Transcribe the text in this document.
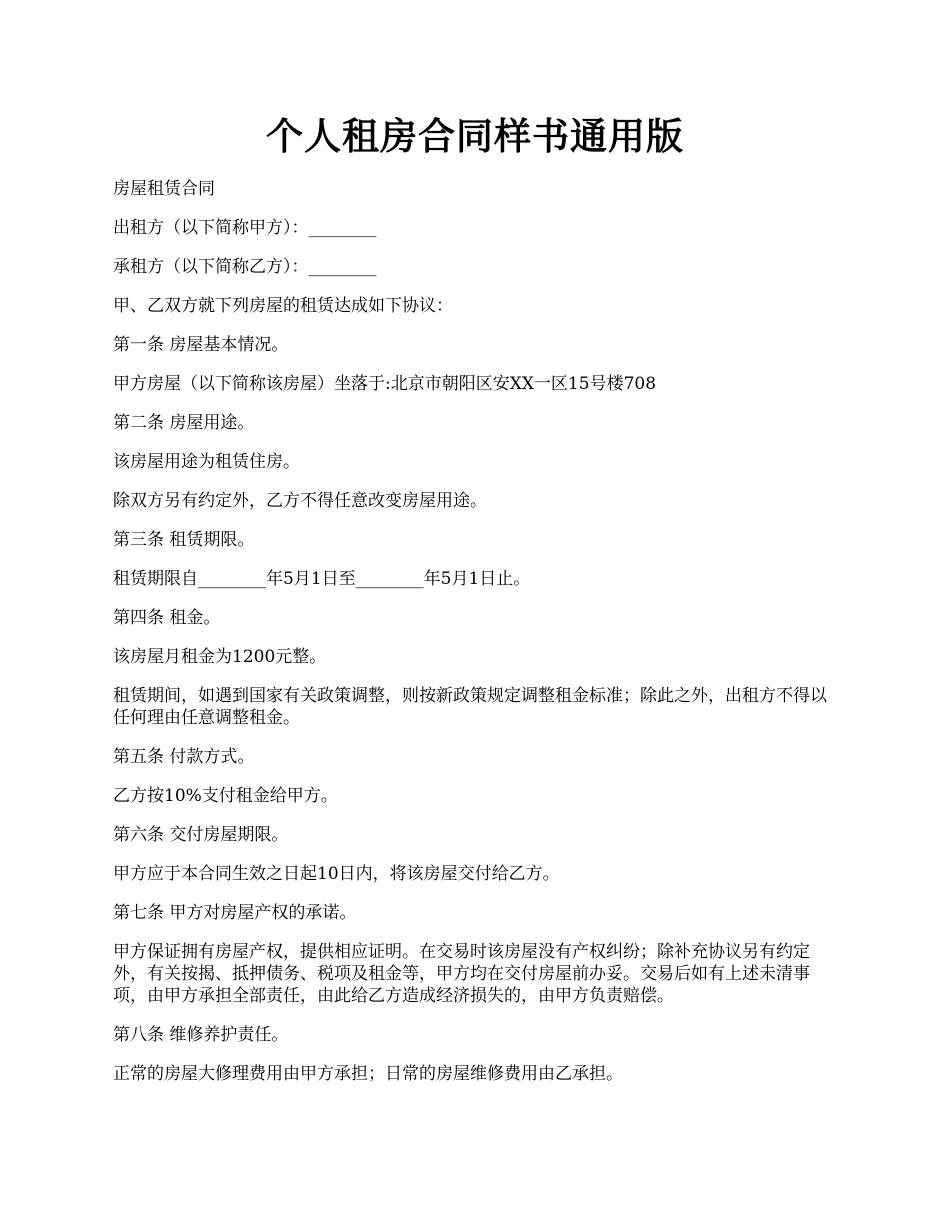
个人租房合同样书通用版

房屋租赁合同

出租方（以下简称甲方）：________

承租方（以下简称乙方）：________

甲、乙双方就下列房屋的租赁达成如下协议：

第一条 房屋基本情况。

甲方房屋（以下简称该房屋）坐落于:北京市朝阳区安XX一区15号楼708

第二条 房屋用途。

该房屋用途为租赁住房。

除双方另有约定外，乙方不得任意改变房屋用途。

第三条 租赁期限。

租赁期限自________年5月1日至________年5月1日止。

第四条 租金。

该房屋月租金为1200元整。

租赁期间，如遇到国家有关政策调整，则按新政策规定调整租金标准；除此之外，出租方不得以任何理由任意调整租金。

第五条 付款方式。

乙方按10%支付租金给甲方。

第六条 交付房屋期限。

甲方应于本合同生效之日起10日内，将该房屋交付给乙方。

第七条 甲方对房屋产权的承诺。

甲方保证拥有房屋产权，提供相应证明。在交易时该房屋没有产权纠纷；除补充协议另有约定外，有关按揭、抵押债务、税项及租金等，甲方均在交付房屋前办妥。交易后如有上述未清事项，由甲方承担全部责任，由此给乙方造成经济损失的，由甲方负责赔偿。

第八条 维修养护责任。

正常的房屋大修理费用由甲方承担；日常的房屋维修费用由乙承担。
